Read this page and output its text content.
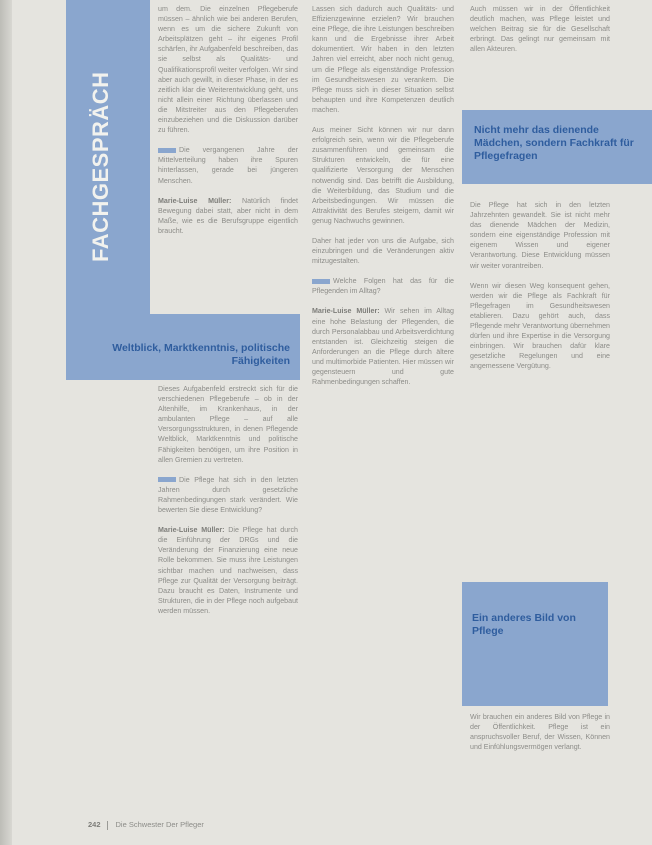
FACHGESPRÄCH

um dem. Die einzelnen Pflegeberufe müssen – ähnlich wie bei anderen Berufen, wenn es um die sichere Zukunft von Arbeitsplätzen geht – ihr eigenes Profil schärfen, ihr Aufgabenfeld beschreiben, das sie selbst als Qualitäts- und Qualifikationsprofil weiter verfolgen. Wir sind aber auch gewillt, in dieser Phase, in der es zeitlich klar die Weiterentwicklung geht, uns nicht allein einer Richtung überlassen und die Mitstreiter aus den Pflegeberufen einzubeziehen und die Diskussion darüber zu führen.

Die vergangenen Jahre der Mittelverteilung haben ihre Spuren hinterlassen, gerade bei jüngeren Menschen.

Marie-Luise Müller: Natürlich findet Bewegung dabei statt, aber nicht in dem Maße, wie es die Berufsgruppe eigentlich braucht.

Weltblick, Marktkenntnis, politische Fähigkeiten

Dieses Aufgabenfeld erstreckt sich für die verschiedenen Pflegeberufe – ob in der Altenhilfe, im Krankenhaus, in der ambulanten Pflege – auf alle Versorgungsstrukturen, in denen Pflegende Weltblick, Marktkenntnis und politische Fähigkeiten benötigen, um ihre Position in allen Gremien zu vertreten.

Die Pflege hat sich in den letzten Jahren durch gesetzliche Rahmenbedingungen stark verändert. Wie bewerten Sie diese Entwicklung?

Marie-Luise Müller: Die Pflege hat durch die Einführung der DRGs und die Veränderung der Finanzierung eine neue Rolle bekommen. Sie muss ihre Leistungen sichtbar machen und nachweisen, dass Pflege zur Qualität der Versorgung beiträgt. Dazu braucht es Daten, Instrumente und Strukturen, die in der Pflege noch aufgebaut werden müssen.

Lassen sich dadurch auch Qualitäts- und Effizienzgewinne erzielen? Wir brauchen eine Pflege, die ihre Leistungen beschreiben kann und die Ergebnisse ihrer Arbeit dokumentiert. Wir haben in den letzten Jahren viel erreicht, aber noch nicht genug, um die Pflege als eigenständige Profession im Gesundheitswesen zu verankern. Die Pflege muss sich in dieser Situation selbst behaupten und ihre Kompetenzen deutlich machen.

Aus meiner Sicht können wir nur dann erfolgreich sein, wenn wir die Pflegeberufe zusammenführen und gemeinsam die Strukturen entwickeln, die für eine qualifizierte Versorgung der Menschen notwendig sind. Das betrifft die Ausbildung, die Weiterbildung, das Studium und die Arbeitsbedingungen. Wir müssen die Attraktivität des Berufes steigern, damit wir genug Nachwuchs gewinnen.

Daher hat jeder von uns die Aufgabe, sich einzubringen und die Veränderungen aktiv mitzugestalten.

Welche Folgen hat das für die Pflegenden im Alltag?

Marie-Luise Müller: Wir sehen im Alltag eine hohe Belastung der Pflegenden, die durch Personalabbau und Arbeitsverdichtung entstanden ist. Gleichzeitig steigen die Anforderungen an die Pflege durch ältere und multimorbide Patienten. Hier müssen wir gegensteuern und gute Rahmenbedingungen schaffen.

Auch müssen wir in der Öffentlichkeit deutlich machen, was Pflege leistet und welchen Beitrag sie für die Gesellschaft erbringt. Das gelingt nur gemeinsam mit allen Akteuren.

Nicht mehr das dienende Mädchen, sondern Fachkraft für Pflegefragen

Die Pflege hat sich in den letzten Jahrzehnten gewandelt. Sie ist nicht mehr das dienende Mädchen der Medizin, sondern eine eigenständige Profession mit eigenem Wissen und eigener Verantwortung. Diese Entwicklung müssen wir weiter vorantreiben.

Wenn wir diesen Weg konsequent gehen, werden wir die Pflege als Fachkraft für Pflegefragen im Gesundheitswesen etablieren. Dazu gehört auch, dass Pflegende mehr Verantwortung übernehmen dürfen und ihre Expertise in die Versorgung einbringen. Wir brauchen dafür klare gesetzliche Regelungen und eine angemessene Vergütung.

Ein anderes Bild von Pflege

Wir brauchen ein anderes Bild von Pflege in der Öffentlichkeit. Pflege ist ein anspruchsvoller Beruf, der Wissen, Können und Einfühlungsvermögen verlangt.

242 Die Schwester Der Pfleger
